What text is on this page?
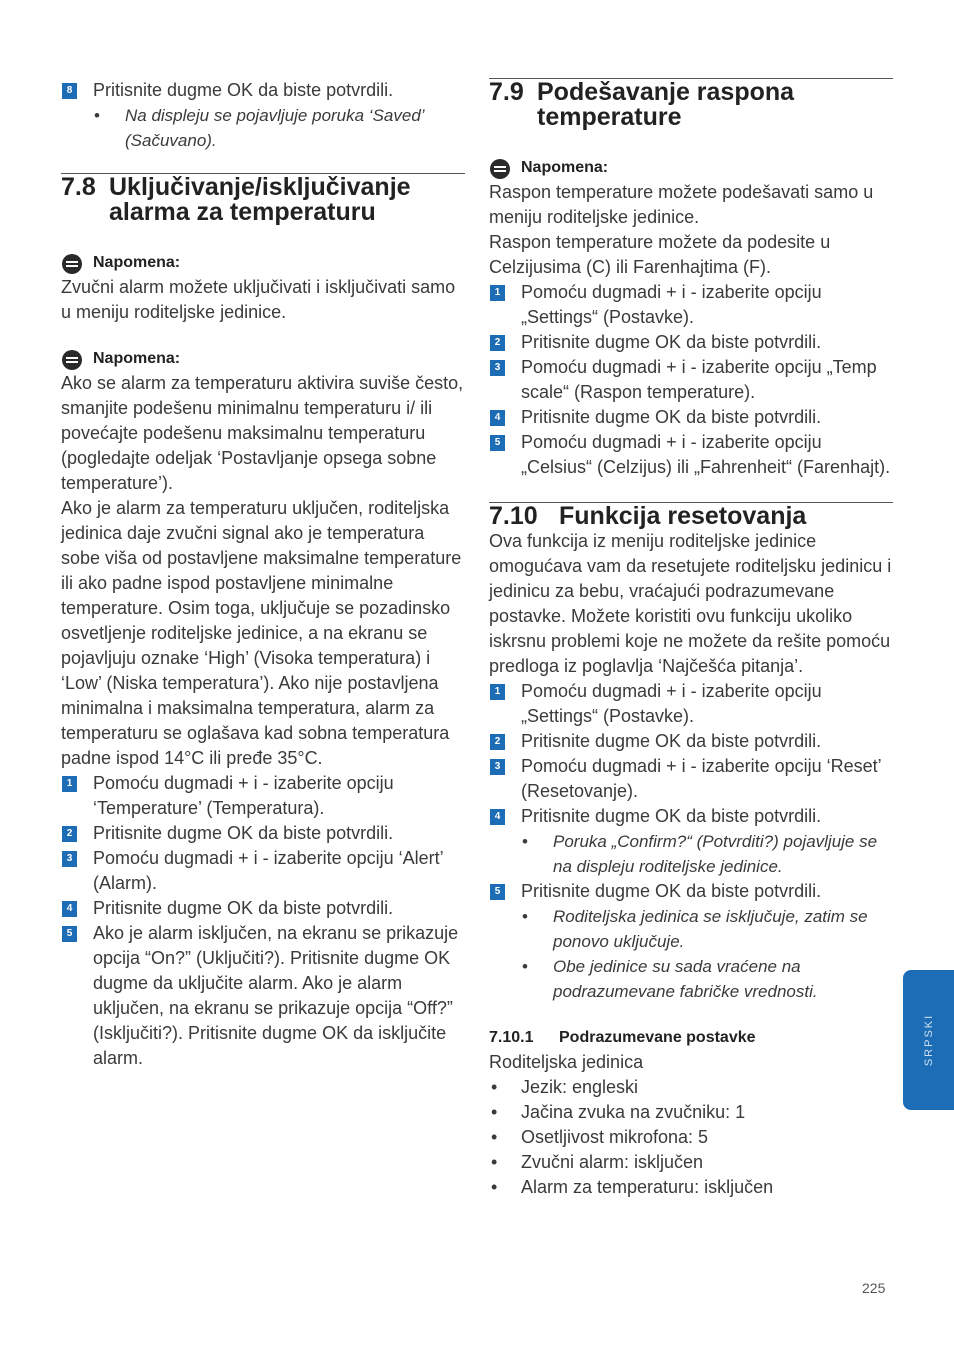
8 Pritisnite dugme OK da biste potvrdili.
• Na displeju se pojavljuje poruka ‘Saved’ (Sačuvano).
7.8 Uključivanje/isključivanje alarma za temperaturu
Napomena:

Zvučni alarm možete uključivati i isključivati samo u meniju roditeljske jedinice.

Napomena:

Ako se alarm za temperaturu aktivira suviše često, smanjite podešenu minimalnu temperaturu i/ ili povećajte podešenu maksimalnu temperaturu (pogledajte odeljak ‘Postavljanje opsega sobne temperature’).

Ako je alarm za temperaturu uključen, roditeljska jedinica daje zvučni signal ako je temperatura sobe viša od postavljene maksimalne temperature ili ako padne ispod postavljene minimalne temperature. Osim toga, uključuje se pozadinsko osvetljenje roditeljske jedinice, a na ekranu se pojavljuju oznake ‘High’ (Visoka temperatura) i ‘Low’ (Niska temperatura’). Ako nije postavljena minimalna i maksimalna temperatura, alarm za temperaturu se oglašava kad sobna temperatura padne ispod 14°C ili pređe 35°C.

1 Pomoću dugmadi + i - izaberite opciju ‘Temperature’ (Temperatura).
2 Pritisnite dugme OK da biste potvrdili.
3 Pomoću dugmadi + i - izaberite opciju ‘Alert’ (Alarm).
4 Pritisnite dugme OK da biste potvrdili.
5 Ako je alarm isključen, na ekranu se prikazuje opcija “On?” (Uključiti?). Pritisnite dugme OK dugme da uključite alarm. Ako je alarm uključen, na ekranu se prikazuje opcija “Off?” (Isključiti?). Pritisnite dugme OK da isključite alarm.
7.9 Podešavanje raspona temperature
Napomena:

Raspon temperature možete podešavati samo u meniju roditeljske jedinice.

Raspon temperature možete da podesite u Celzijusima (C) ili Farenhajtima (F).

1 Pomoću dugmadi + i - izaberite opciju „Settings“ (Postavke).
2 Pritisnite dugme OK da biste potvrdili.
3 Pomoću dugmadi + i - izaberite opciju „Temp scale“ (Raspon temperature).
4 Pritisnite dugme OK da biste potvrdili.
5 Pomoću dugmadi + i - izaberite opciju „Celsius“ (Celzijus) ili „Fahrenheit“ (Farenhajt).
7.10 Funkcija resetovanja

Ova funkcija iz meniju roditeljske jedinice omogućava vam da resetujete roditeljsku jedinicu i jedinicu za bebu, vraćajući podrazumevane postavke. Možete koristiti ovu funkciju ukoliko iskrsnu problemi koje ne možete da rešite pomoću predloga iz poglavlja ‘Najčešća pitanja’.

1 Pomoću dugmadi + i - izaberite opciju „Settings“ (Postavke).
2 Pritisnite dugme OK da biste potvrdili.
3 Pomoću dugmadi + i - izaberite opciju ‘Reset’ (Resetovanje).
4 Pritisnite dugme OK da biste potvrdili.
• Poruka „Confirm?“ (Potvrditi?) pojavljuje se na displeju roditeljske jedinice.
5 Pritisnite dugme OK da biste potvrdili.
• Roditeljska jedinica se isključuje, zatim se ponovo uključuje.
• Obe jedinice su sada vraćene na podrazumevane fabričke vrednosti.
7.10.1 Podrazumevane postavke

Roditeljska jedinica

• Jezik: engleski
• Jačina zvuka na zvučniku: 1
• Osetljivost mikrofona: 5
• Zvučni alarm: isključen
• Alarm za temperaturu: isključen
SRPSKI
225
